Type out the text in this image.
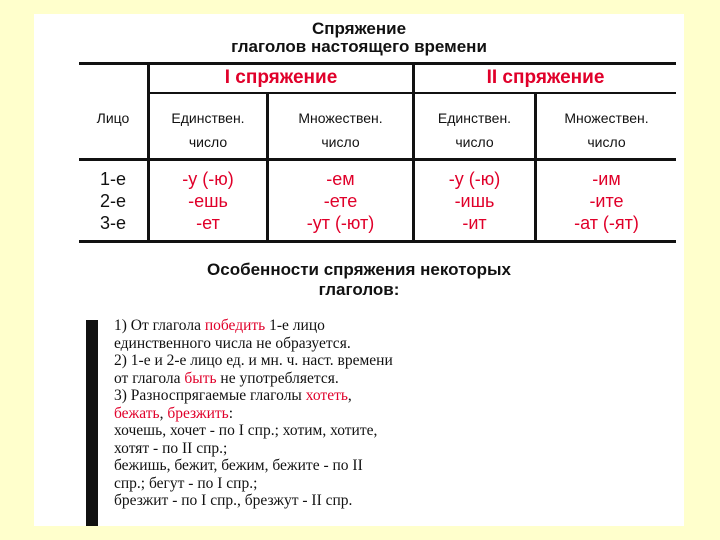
Спряжение
глаголов настоящего времени
I спряжение	II спряжение
Лицо	Единствен.
число
Множествен.
число
Единствен.
число
Множествен.
число
1-е
2-е
3-е
-у (-ю)
-ешь
-ет
-ем
-ете
-ут (-ют)
-у (-ю)
-ишь
-ит
-им
-ите
-ат (-ят)
Особенности спряжения некоторых
глаголов:
1) От глагола победить 1-е лицо
единственного числа не образуется.
2) 1-е и 2-е лицо ед. и мн. ч. наст. времени
от глагола быть не употребляется.
3) Разноспрягаемые глаголы хотеть,
бежать, брезжить:
хочешь, хочет - по I спр.; хотим, хотите,
хотят - по II спр.;
бежишь, бежит, бежим, бежите - по II
спр.; бегут - по I спр.;
брезжит - по I спр., брезжут - II спр.
